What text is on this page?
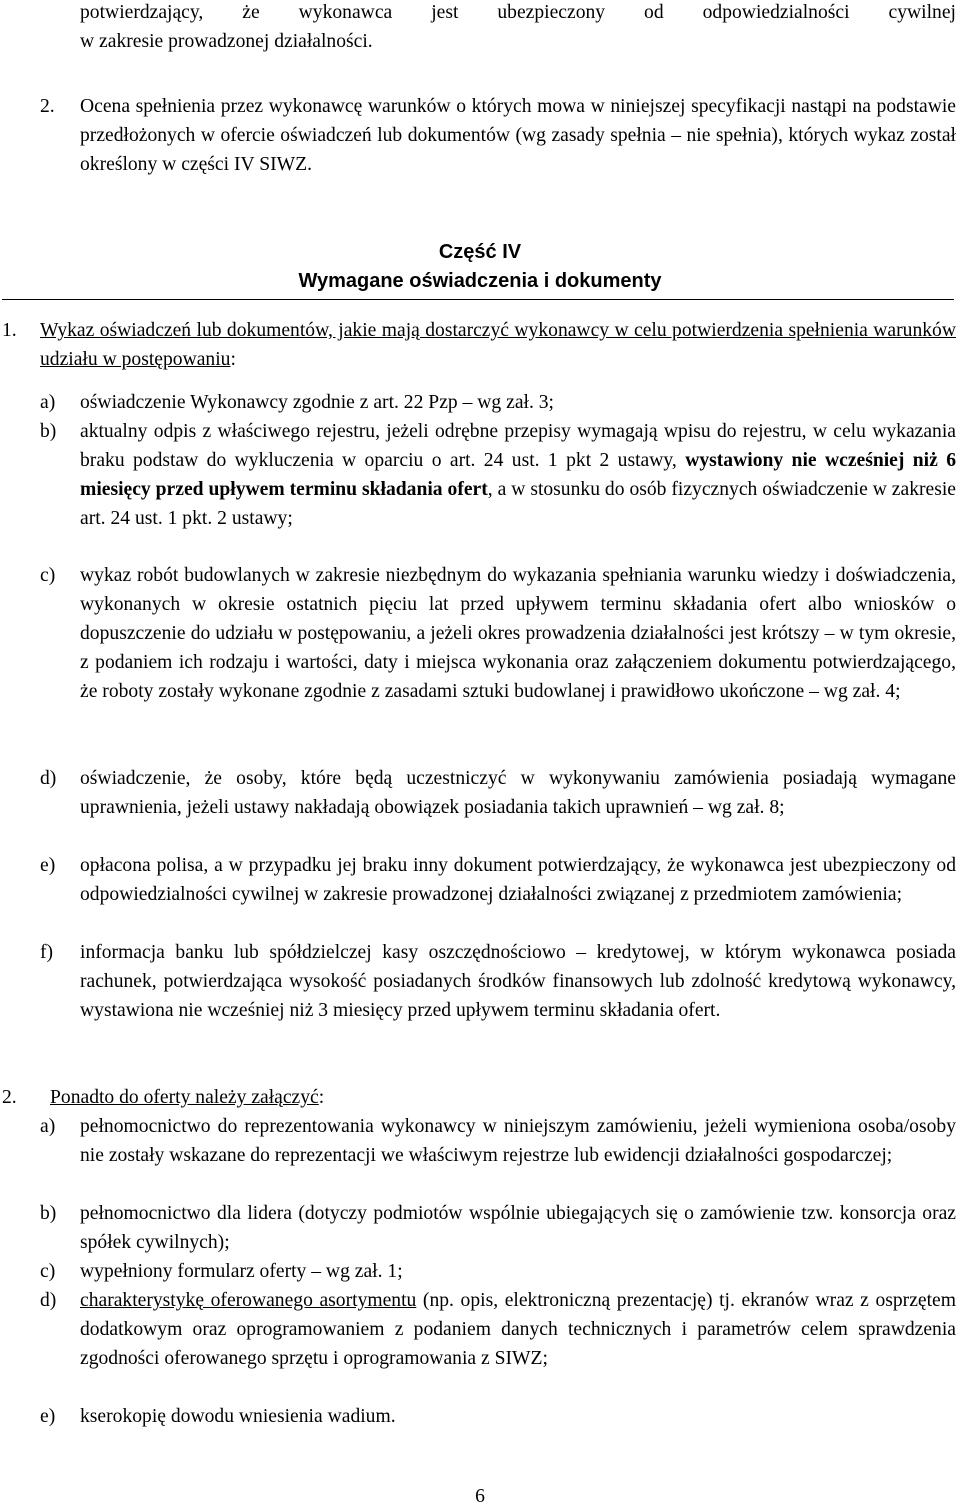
potwierdzający, że wykonawca jest ubezpieczony od odpowiedzialności cywilnej
w zakresie prowadzonej działalności.
2. Ocena spełnienia przez wykonawcę warunków o których mowa w niniejszej specyfikacji nastąpi na podstawie przedłożonych w ofercie oświadczeń lub dokumentów (wg zasady spełnia – nie spełnia), których wykaz został określony w części IV SIWZ.
Część IV
Wymagane oświadczenia i dokumenty
1. Wykaz oświadczeń lub dokumentów, jakie mają dostarczyć wykonawcy w celu potwierdzenia spełnienia warunków udziału w postępowaniu:
a) oświadczenie Wykonawcy zgodnie z art. 22 Pzp – wg zał. 3;
b) aktualny odpis z właściwego rejestru, jeżeli odrębne przepisy wymagają wpisu do rejestru, w celu wykazania braku podstaw do wykluczenia w oparciu o art. 24 ust. 1 pkt 2 ustawy, wystawiony nie wcześniej niż 6 miesięcy przed upływem terminu składania ofert, a w stosunku do osób fizycznych oświadczenie w zakresie art. 24 ust. 1 pkt. 2 ustawy;
c) wykaz robót budowlanych w zakresie niezbędnym do wykazania spełniania warunku wiedzy i doświadczenia, wykonanych w okresie ostatnich pięciu lat przed upływem terminu składania ofert albo wniosków o dopuszczenie do udziału w postępowaniu, a jeżeli okres prowadzenia działalności jest krótszy – w tym okresie, z podaniem ich rodzaju i wartości, daty i miejsca wykonania oraz załączeniem dokumentu potwierdzającego, że roboty zostały wykonane zgodnie z zasadami sztuki budowlanej i prawidłowo ukończone – wg zał. 4;
d) oświadczenie, że osoby, które będą uczestniczyć w wykonywaniu zamówienia posiadają wymagane uprawnienia, jeżeli ustawy nakładają obowiązek posiadania takich uprawnień – wg zał. 8;
e) opłacona polisa, a w przypadku jej braku inny dokument potwierdzający, że wykonawca jest ubezpieczony od odpowiedzialności cywilnej w zakresie prowadzonej działalności związanej z przedmiotem zamówienia;
f) informacja banku lub spółdzielczej kasy oszczędnościowo – kredytowej, w którym wykonawca posiada rachunek, potwierdzająca wysokość posiadanych środków finansowych lub zdolność kredytową wykonawcy, wystawiona nie wcześniej niż 3 miesięcy przed upływem terminu składania ofert.
2. Ponadto do oferty należy załączyć:
a) pełnomocnictwo do reprezentowania wykonawcy w niniejszym zamówieniu, jeżeli wymieniona osoba/osoby nie zostały wskazane do reprezentacji we właściwym rejestrze lub ewidencji działalności gospodarczej;
b) pełnomocnictwo dla lidera (dotyczy podmiotów wspólnie ubiegających się o zamówienie tzw. konsorcja oraz spółek cywilnych);
c) wypełniony formularz oferty – wg zał. 1;
d) charakterystykę oferowanego asortymentu (np. opis, elektroniczną prezentację) tj. ekranów wraz z osprzętem dodatkowym oraz oprogramowaniem z podaniem danych technicznych i parametrów celem sprawdzenia zgodności oferowanego sprzętu i oprogramowania z SIWZ;
e) kserokopię dowodu wniesienia wadium.
6
